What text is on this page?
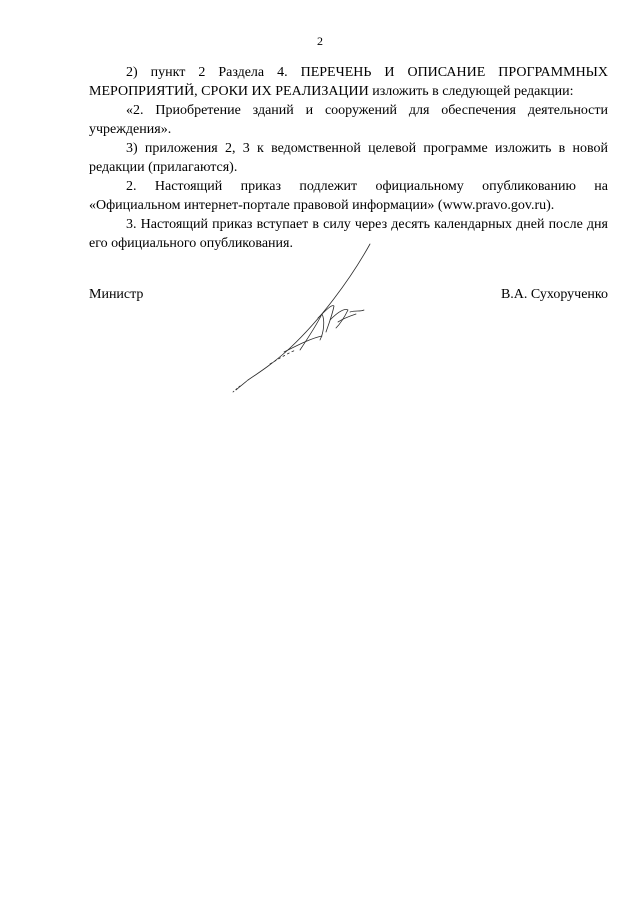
2

2) пункт 2 Раздела 4. ПЕРЕЧЕНЬ И ОПИСАНИЕ ПРОГРАММНЫХ МЕРОПРИЯТИЙ, СРОКИ ИХ РЕАЛИЗАЦИИ изложить в следующей редакции:

«2. Приобретение зданий и сооружений для обеспечения деятельности учреждения».

3) приложения 2, 3 к ведомственной целевой программе изложить в новой редакции (прилагаются).

2. Настоящий приказ подлежит официальному опубликованию на «Официальном интернет-портале правовой информации» (www.pravo.gov.ru).

3. Настоящий приказ вступает в силу через десять календарных дней после дня его официального опубликования.

Министр	В.А. Сухорученко
